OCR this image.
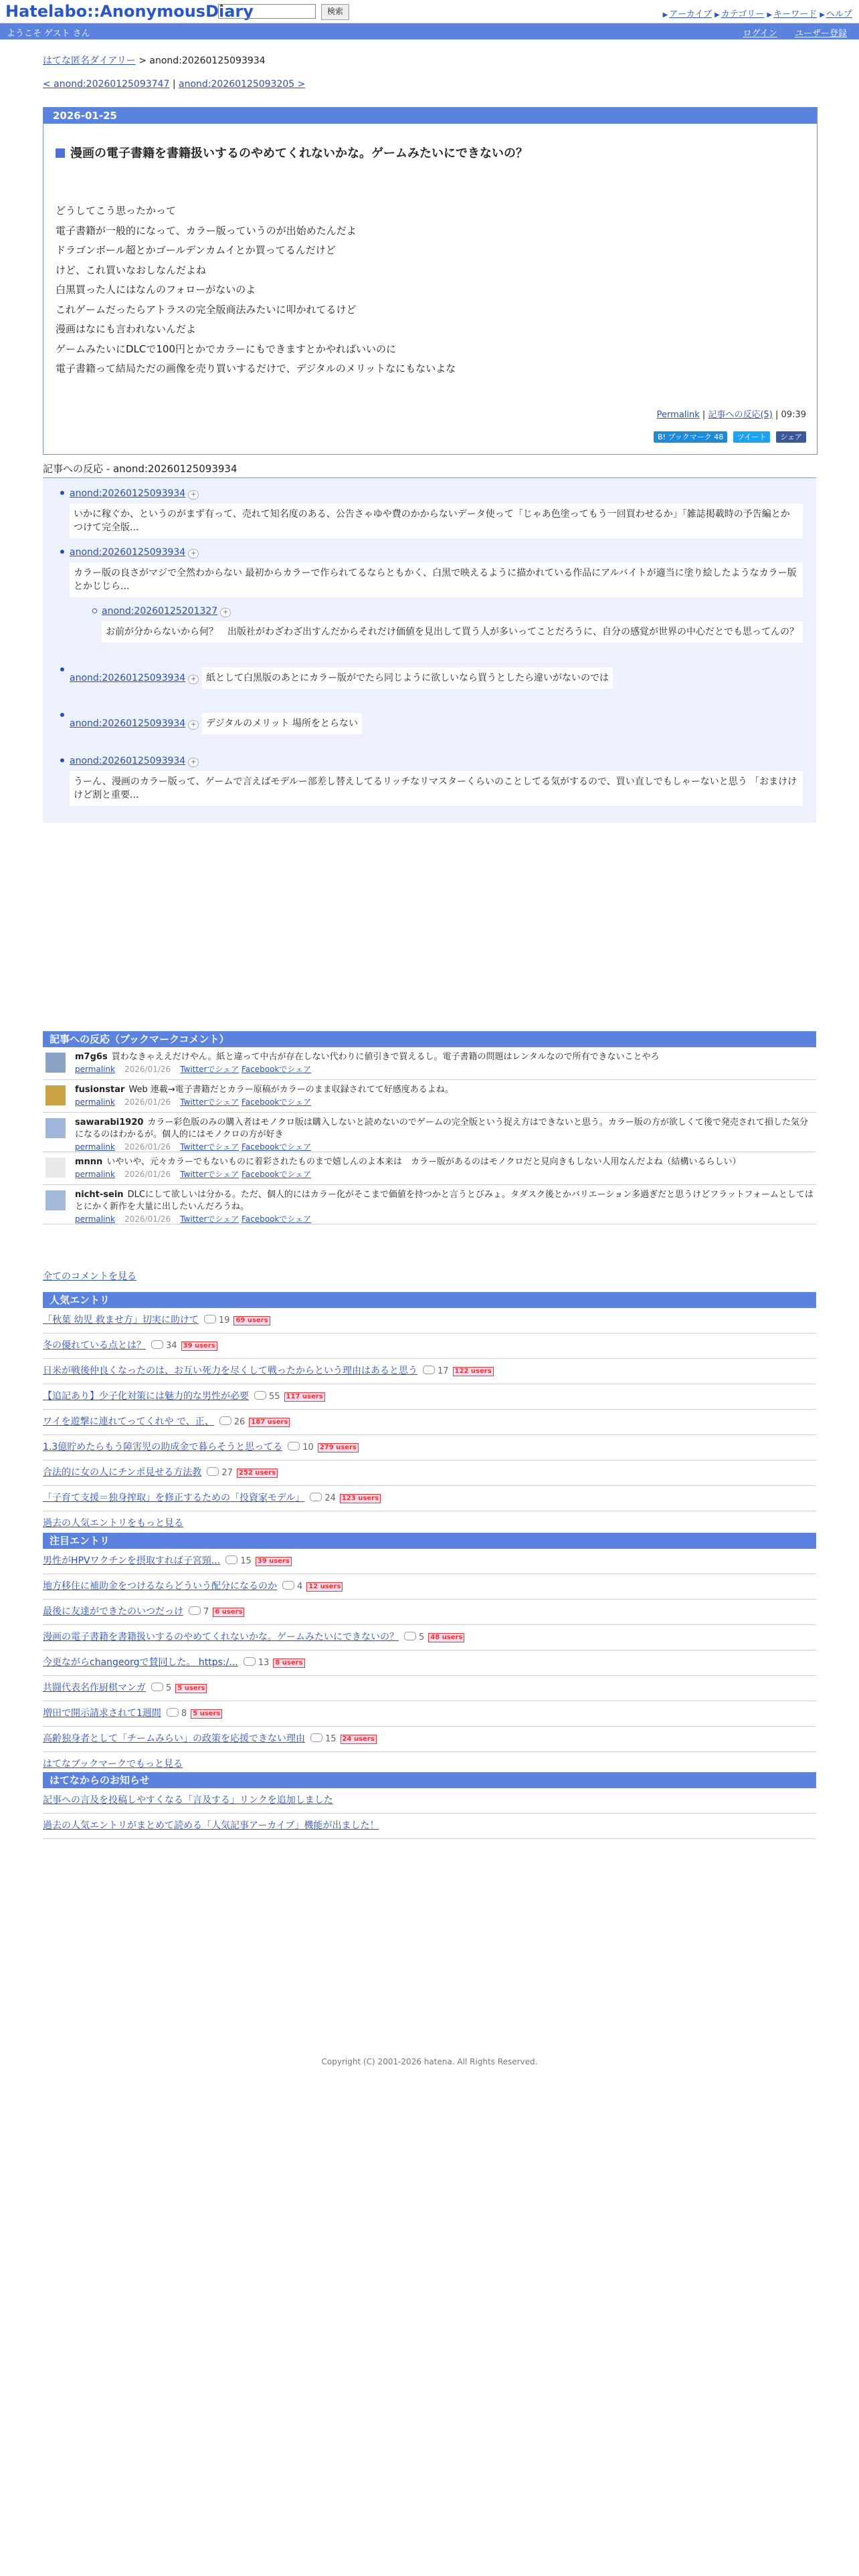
Hatelabo::AnonymousDiary	検索	▶ アーカイブ ▶ カテゴリー ▶ キーワード ▶ ヘルプ
ようこそ ゲスト さん	ログイン ユーザー登録
はてな匿名ダイアリー > anond:20260125093934
< anond:20260125093747 | anond:20260125093205 >
2026-01-25
漫画の電子書籍を書籍扱いするのやめてくれないかな。ゲームみたいにできないの？
どうしてこう思ったかって
電子書籍が一般的になって、カラー版っていうのが出始めたんだよ
ドラゴンボール超とかゴールデンカムイとか買ってるんだけど
けど、これ買いなおしなんだよね
白黒買った人にはなんのフォローがないのよ
これゲームだったらアトラスの完全版商法みたいに叩かれてるけど
漫画はなにも言われないんだよ
ゲームみたいにDLCで100円とかでカラーにもできますとかやればいいのに
電子書籍って結局ただの画像を売り買いするだけで、デジタルのメリットなにもないよな
Permalink | 記事への反応(5) | 09:39
B! ブックマーク 48 ツイート シェア
記事への反応 - anond:20260125093934
anond:20260125093934 +
いかに稼ぐか、というのがまず有って、売れて知名度のある、公告さゃゆや費のかからないデータ使って「じゃあ色塗ってもう一回買わせるか」「雑誌掲載時の予告編とかつけて完全版...
anond:20260125093934 +
カラー版の良さがマジで全然わからない 最初からカラーで作られてるならともかく、白黒で映えるように描かれている作品にアルバイトが適当に塗り絵したようなカラー版とかじじら...
anond:20260125201327 +
お前が分からないから何？　出版社がわざわざ出すんだからそれだけ価値を見出して買う人が多いってことだろうに、自分の感覚が世界の中心だとでも思ってんの？
anond:20260125093934 + 紙として白黒版のあとにカラー版がでたら同じように欲しいなら買うとしたら違いがないのでは
anond:20260125093934 + デジタルのメリット 場所をとらない
anond:20260125093934 +
うーん、漫画のカラー版って、ゲームで言えばモデルー部差し替えしてるリッチなリマスターくらいのことしてる気がするので、買い直しでもしゃーないと思う 「おまけけけど割と重要...
記事への反応（ブックマークコメント）
m7g6s 買わなきゃええだけやん。紙と違って中古が存在しない代わりに値引きで買えるし。電子書籍の問題はレンタルなので所有できないことやろ
permalink 2026/01/26 Twitterでシェア Facebookでシェア
fusionstar Web 連載→電子書籍だとカラー原稿がカラーのまま収録されてて好感度あるよね。
permalink 2026/01/26 Twitterでシェア Facebookでシェア
sawarabi1920 カラー彩色版のみの購入者はモノクロ版は購入しないと読めないのでゲームの完全版という捉え方はできないと思う。カラー版の方が欲しくて後で発売されて損した気分になるのはわかるが。個人的にはモノクロの方が好き
permalink 2026/01/26 Twitterでシェア Facebookでシェア
mnnn いやいや、元々カラーでもないものに着彩されたものまで嬉しんのよ本来は　カラー版があるのはモノクロだと見向きもしない人用なんだよね（結構いるらしい）
permalink 2026/01/26 Twitterでシェア Facebookでシェア
nicht-sein DLCにして欲しいは分かる。ただ、個人的にはカラー化がそこまで価値を持つかと言うとびみょ。タダスク後とかバリエーション多過ぎだと思うけどフラットフォームとしてはとにかく新作を大量に出したいんだろうね。
permalink 2026/01/26 Twitterでシェア Facebookでシェア
全てのコメントを見る
人気エントリ
「秋葉 幼児 救ませ方」切実に助けて 19 69 users
冬の優れている点とは？ 34 39 users
日米が戦後仲良くなったのは、お互い死力を尽くして戦ったからという理由はあると思う 17 122 users
【追記あり】少子化対策には魅力的な男性が必要 55 117 users
ワイを遊撃に連れてってくれや で、正、 26 187 users
1.3億貯めたらもう障害児の助成金で暮らそうと思ってる 10 279 users
合法的に女の人にチンポ見せる方法教 27 252 users
「子育て支援＝独身搾取」を修正するための「投資家モデル」 24 123 users
過去の人気エントリをもっと見る
注目エントリ
男性がHPVワクチンを摂取すれば子宮頸... 15 39 users
地方移住に補助金をつけるならどういう配分になるのか 4 12 users
最後に友達ができたのいつだっけ 7 6 users
漫画の電子書籍を書籍扱いするのやめてくれないかな。ゲームみたいにできないの？ 5 48 users
今更ながらchangeorgで賛同した。 https:/... 13 8 users
共闘代表名作厨棋マンガ 5 5 users
増田で開示請求されて1週間 8 5 users
高齢独身者として「チームみらい」の政策を応援できない理由 15 24 users
はてなブックマークでもっと見る
はてなからのお知らせ
記事への言及を投稿しやすくなる「言及する」リンクを追加しました
過去の人気エントリがまとめて読める「人気記事アーカイブ」機能が出ました！
Copyright (C) 2001-2026 hatena. All Rights Reserved.
